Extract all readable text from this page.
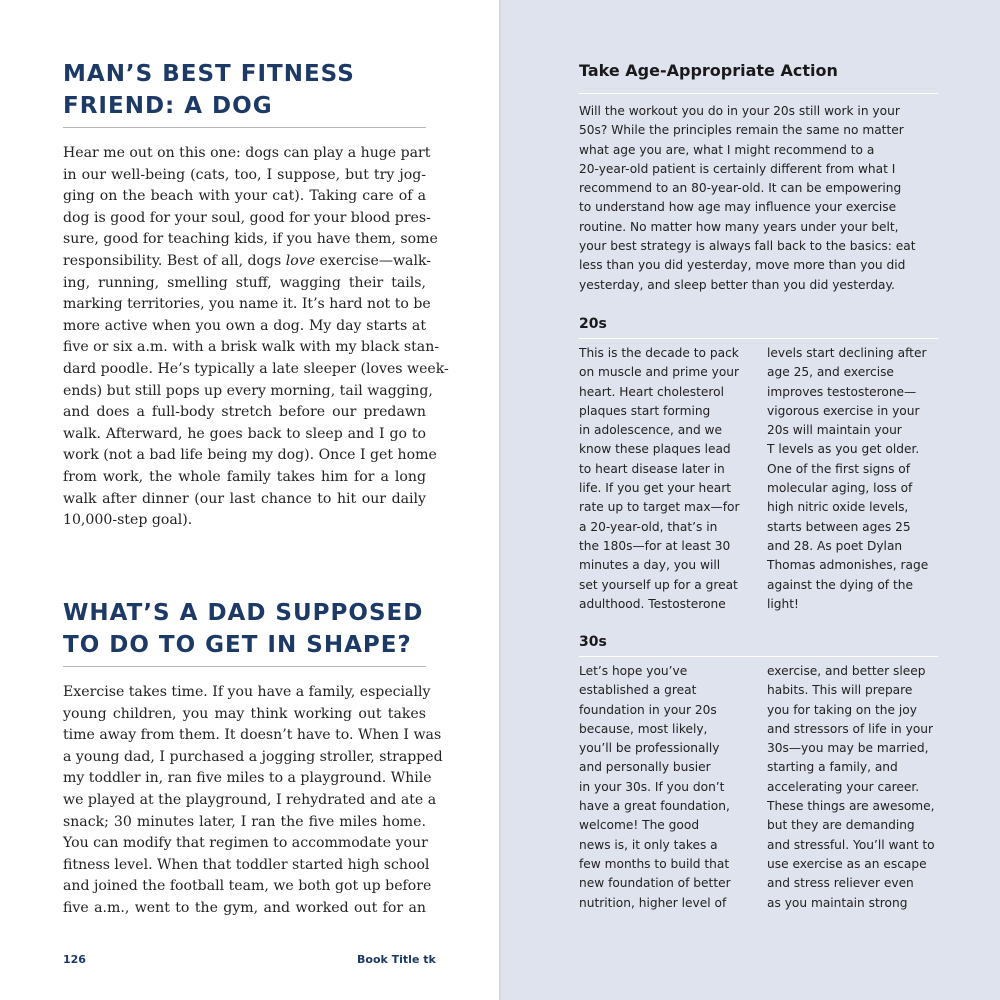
MAN’S BEST FITNESS
FRIEND: A DOG
Hear me out on this one: dogs can play a huge part
in our well-being (cats, too, I suppose, but try jog-
ging on the beach with your cat). Taking care of a
dog is good for your soul, good for your blood pres-
sure, good for teaching kids, if you have them, some
responsibility. Best of all, dogs love exercise—walk-
ing, running, smelling stuff, wagging their tails,
marking territories, you name it. It’s hard not to be
more active when you own a dog. My day starts at
five or six a.m. with a brisk walk with my black stan-
dard poodle. He’s typically a late sleeper (loves week-
ends) but still pops up every morning, tail wagging,
and does a full-body stretch before our predawn
walk. Afterward, he goes back to sleep and I go to
work (not a bad life being my dog). Once I get home
from work, the whole family takes him for a long
walk after dinner (our last chance to hit our daily
10,000-step goal).
WHAT’S A DAD SUPPOSED
TO DO TO GET IN SHAPE?
Exercise takes time. If you have a family, especially
young children, you may think working out takes
time away from them. It doesn’t have to. When I was
a young dad, I purchased a jogging stroller, strapped
my toddler in, ran five miles to a playground. While
we played at the playground, I rehydrated and ate a
snack; 30 minutes later, I ran the five miles home.
You can modify that regimen to accommodate your
fitness level. When that toddler started high school
and joined the football team, we both got up before
five a.m., went to the gym, and worked out for an
126	Book Title tk
Take Age-Appropriate Action
Will the workout you do in your 20s still work in your
50s? While the principles remain the same no matter
what age you are, what I might recommend to a
20-year-old patient is certainly different from what I
recommend to an 80-year-old. It can be empowering
to understand how age may influence your exercise
routine. No matter how many years under your belt,
your best strategy is always fall back to the basics: eat
less than you did yesterday, move more than you did
yesterday, and sleep better than you did yesterday.
20s
This is the decade to pack
on muscle and prime your
heart. Heart cholesterol
plaques start forming
in adolescence, and we
know these plaques lead
to heart disease later in
life. If you get your heart
rate up to target max—for
a 20-year-old, that’s in
the 180s—for at least 30
minutes a day, you will
set yourself up for a great
adulthood. Testosterone
levels start declining after
age 25, and exercise
improves testosterone—
vigorous exercise in your
20s will maintain your
T levels as you get older.
One of the first signs of
molecular aging, loss of
high nitric oxide levels,
starts between ages 25
and 28. As poet Dylan
Thomas admonishes, rage
against the dying of the
light!
30s
Let’s hope you’ve
established a great
foundation in your 20s
because, most likely,
you’ll be professionally
and personally busier
in your 30s. If you don’t
have a great foundation,
welcome! The good
news is, it only takes a
few months to build that
new foundation of better
nutrition, higher level of
exercise, and better sleep
habits. This will prepare
you for taking on the joy
and stressors of life in your
30s—you may be married,
starting a family, and
accelerating your career.
These things are awesome,
but they are demanding
and stressful. You’ll want to
use exercise as an escape
and stress reliever even
as you maintain strong
